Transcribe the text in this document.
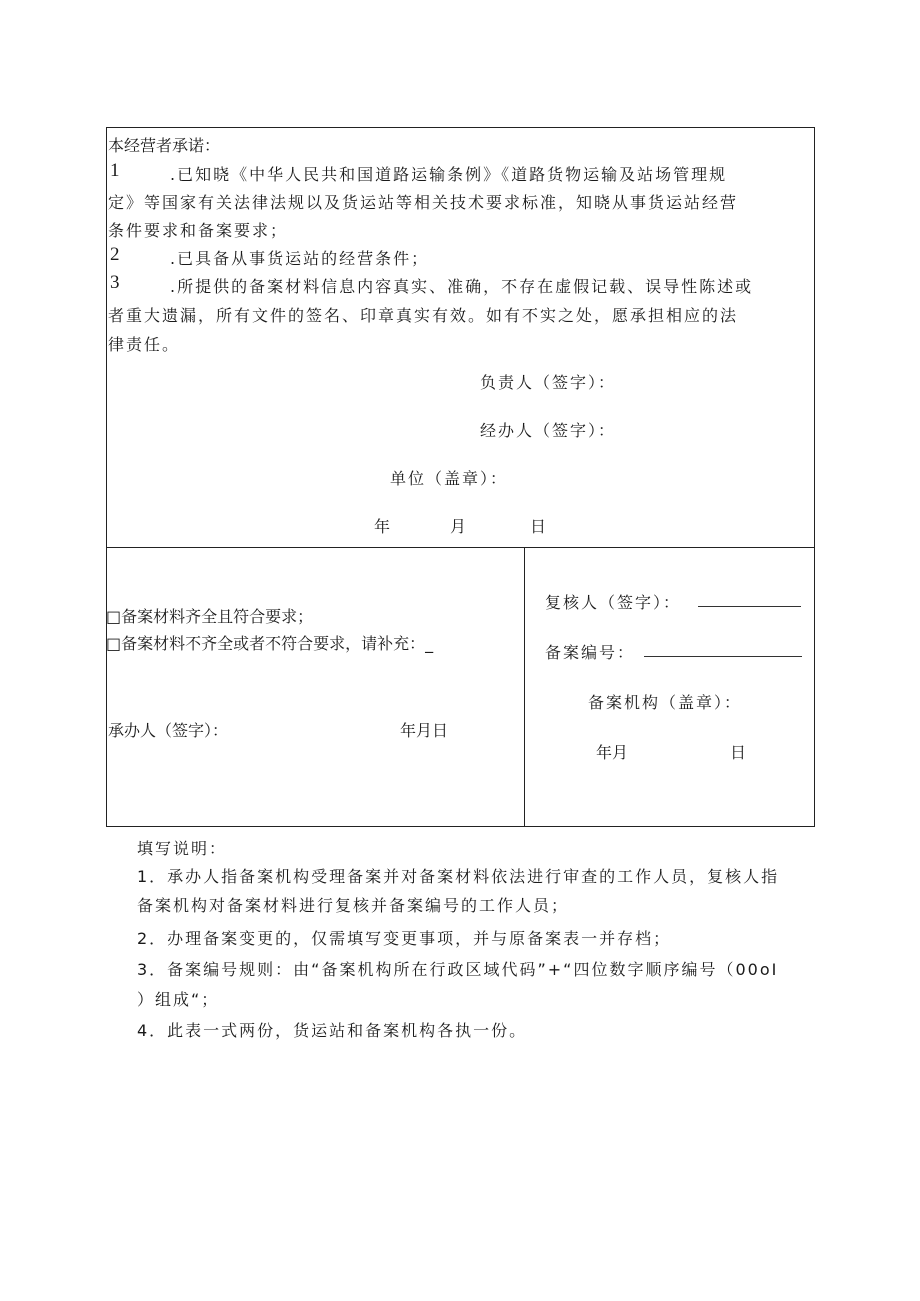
本经营者承诺：
1	.已知晓《中华人民共和国道路运输条例》《道路货物运输及站场管理规
定》等国家有关法律法规以及货运站等相关技术要求标准，知晓从事货运站经营
条件要求和备案要求；
2	.已具备从事货运站的经营条件；
3	.所提供的备案材料信息内容真实、准确，不存在虚假记载、误导性陈述或
者重大遗漏，所有文件的签名、印章真实有效。如有不实之处，愿承担相应的法
律责任。
负责人（签字）：
经办人（签字）：
单位（盖章）：
年	月	日
□备案材料齐全且符合要求；
□备案材料不齐全或者不符合要求，请补充：_
承办人（签字）：	年月日
复核人（签字）：
备案编号：
备案机构（盖章）：
年月	日
填写说明：
1．承办人指备案机构受理备案并对备案材料依法进行审查的工作人员，复核人指
备案机构对备案材料进行复核并备案编号的工作人员；
2．办理备案变更的，仅需填写变更事项，并与原备案表一并存档；
3．备案编号规则：由“备案机构所在行政区域代码”+“四位数字顺序编号（00oI
）组成“；
4．此表一式两份，货运站和备案机构各执一份。
